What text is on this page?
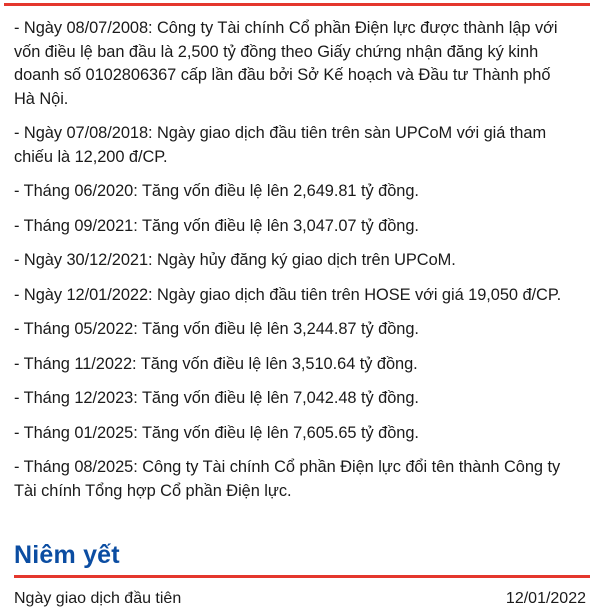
- Ngày 08/07/2008: Công ty Tài chính Cổ phần Điện lực được thành lập với
vốn điều lệ ban đầu là 2,500 tỷ đồng theo Giấy chứng nhận đăng ký kinh
doanh số 0102806367 cấp lần đầu bởi Sở Kế hoạch và Đầu tư Thành phố
Hà Nội.

- Ngày 07/08/2018: Ngày giao dịch đầu tiên trên sàn UPCoM với giá tham
chiếu là 12,200 đ/CP.

- Tháng 06/2020: Tăng vốn điều lệ lên 2,649.81 tỷ đồng.

- Tháng 09/2021: Tăng vốn điều lệ lên 3,047.07 tỷ đồng.

- Ngày 30/12/2021: Ngày hủy đăng ký giao dịch trên UPCoM.

- Ngày 12/01/2022: Ngày giao dịch đầu tiên trên HOSE với giá 19,050 đ/CP.

- Tháng 05/2022: Tăng vốn điều lệ lên 3,244.87 tỷ đồng.

- Tháng 11/2022: Tăng vốn điều lệ lên 3,510.64 tỷ đồng.

- Tháng 12/2023: Tăng vốn điều lệ lên 7,042.48 tỷ đồng.

- Tháng 01/2025: Tăng vốn điều lệ lên 7,605.65 tỷ đồng.

- Tháng 08/2025: Công ty Tài chính Cổ phần Điện lực đổi tên thành Công ty
Tài chính Tổng hợp Cổ phần Điện lực.

Niêm yết
Ngày giao dịch đầu tiên	12/01/2022
